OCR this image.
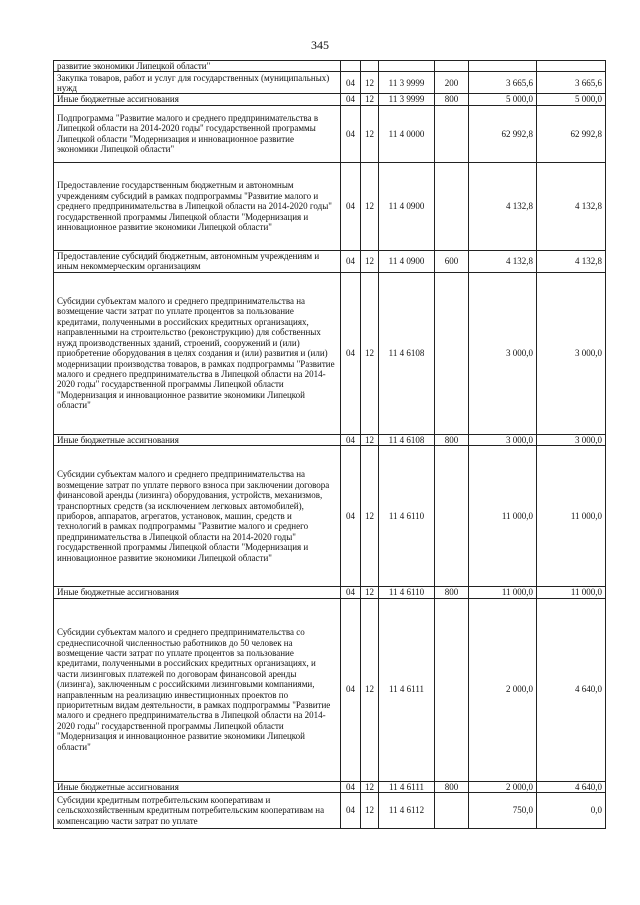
345
развитие экономики Липецкой области"						
Закупка товаров, работ и услуг для государственных (муниципальных) нужд	04	12	11 3 9999	200	3 665,6	3 665,6
Иные бюджетные ассигнования	04	12	11 3 9999	800	5 000,0	5 000,0
Подпрограмма "Развитие малого и среднего предпринимательства в Липецкой области на 2014-2020 годы" государственной программы Липецкой области "Модернизация и инновационное развитие экономики Липецкой области"	04	12	11 4 0000		62 992,8	62 992,8
Предоставление государственным бюджетным и автономным учреждениям субсидий в рамках подпрограммы "Развитие малого и среднего предпринимательства в Липецкой области на 2014-2020 годы" государственной программы Липецкой области "Модернизация и инновационное развитие экономики Липецкой области"	04	12	11 4 0900		4 132,8	4 132,8
Предоставление субсидий бюджетным, автономным учреждениям и иным некоммерческим организациям	04	12	11 4 0900	600	4 132,8	4 132,8
Субсидии субъектам малого и среднего предпринимательства на возмещение части затрат по уплате процентов за пользование кредитами, полученными в российских кредитных организациях, направленными на строительство (реконструкцию) для собственных нужд производственных зданий, строений, сооружений и (или) приобретение оборудования в целях создания и (или) развития и (или) модернизации производства товаров, в рамках подпрограммы "Развитие малого и среднего предпринимательства в Липецкой области на 2014-2020 годы" государственной программы Липецкой области "Модернизация и инновационное развитие экономики Липецкой области"	04	12	11 4 6108		3 000,0	3 000,0
Иные бюджетные ассигнования	04	12	11 4 6108	800	3 000,0	3 000,0
Субсидии субъектам малого и среднего предпринимательства на возмещение затрат по уплате первого взноса при заключении договора финансовой аренды (лизинга) оборудования, устройств, механизмов, транспортных средств (за исключением легковых автомобилей), приборов, аппаратов, агрегатов, установок, машин, средств и технологий в рамках подпрограммы "Развитие малого и среднего предпринимательства в Липецкой области на 2014-2020 годы" государственной программы Липецкой области "Модернизация и инновационное развитие экономики Липецкой области"	04	12	11 4 6110		11 000,0	11 000,0
Иные бюджетные ассигнования	04	12	11 4 6110	800	11 000,0	11 000,0
Субсидии субъектам малого и среднего предпринимательства со среднесписочной численностью работников до 50 человек на возмещение части затрат по уплате процентов за пользование кредитами, полученными в российских кредитных организациях, и части лизинговых платежей по договорам финансовой аренды (лизинга), заключенным с российскими лизинговыми компаниями, направленным на реализацию инвестиционных проектов по приоритетным видам деятельности, в рамках подпрограммы "Развитие малого и среднего предпринимательства в Липецкой области на 2014-2020 годы" государственной программы Липецкой области "Модернизация и инновационное развитие экономики Липецкой области"	04	12	11 4 6111		2 000,0	4 640,0
Иные бюджетные ассигнования	04	12	11 4 6111	800	2 000,0	4 640,0
Субсидии кредитным потребительским кооперативам и сельскохозяйственным кредитным потребительским кооперативам на компенсацию части затрат по уплате	04	12	11 4 6112		750,0	0,0
